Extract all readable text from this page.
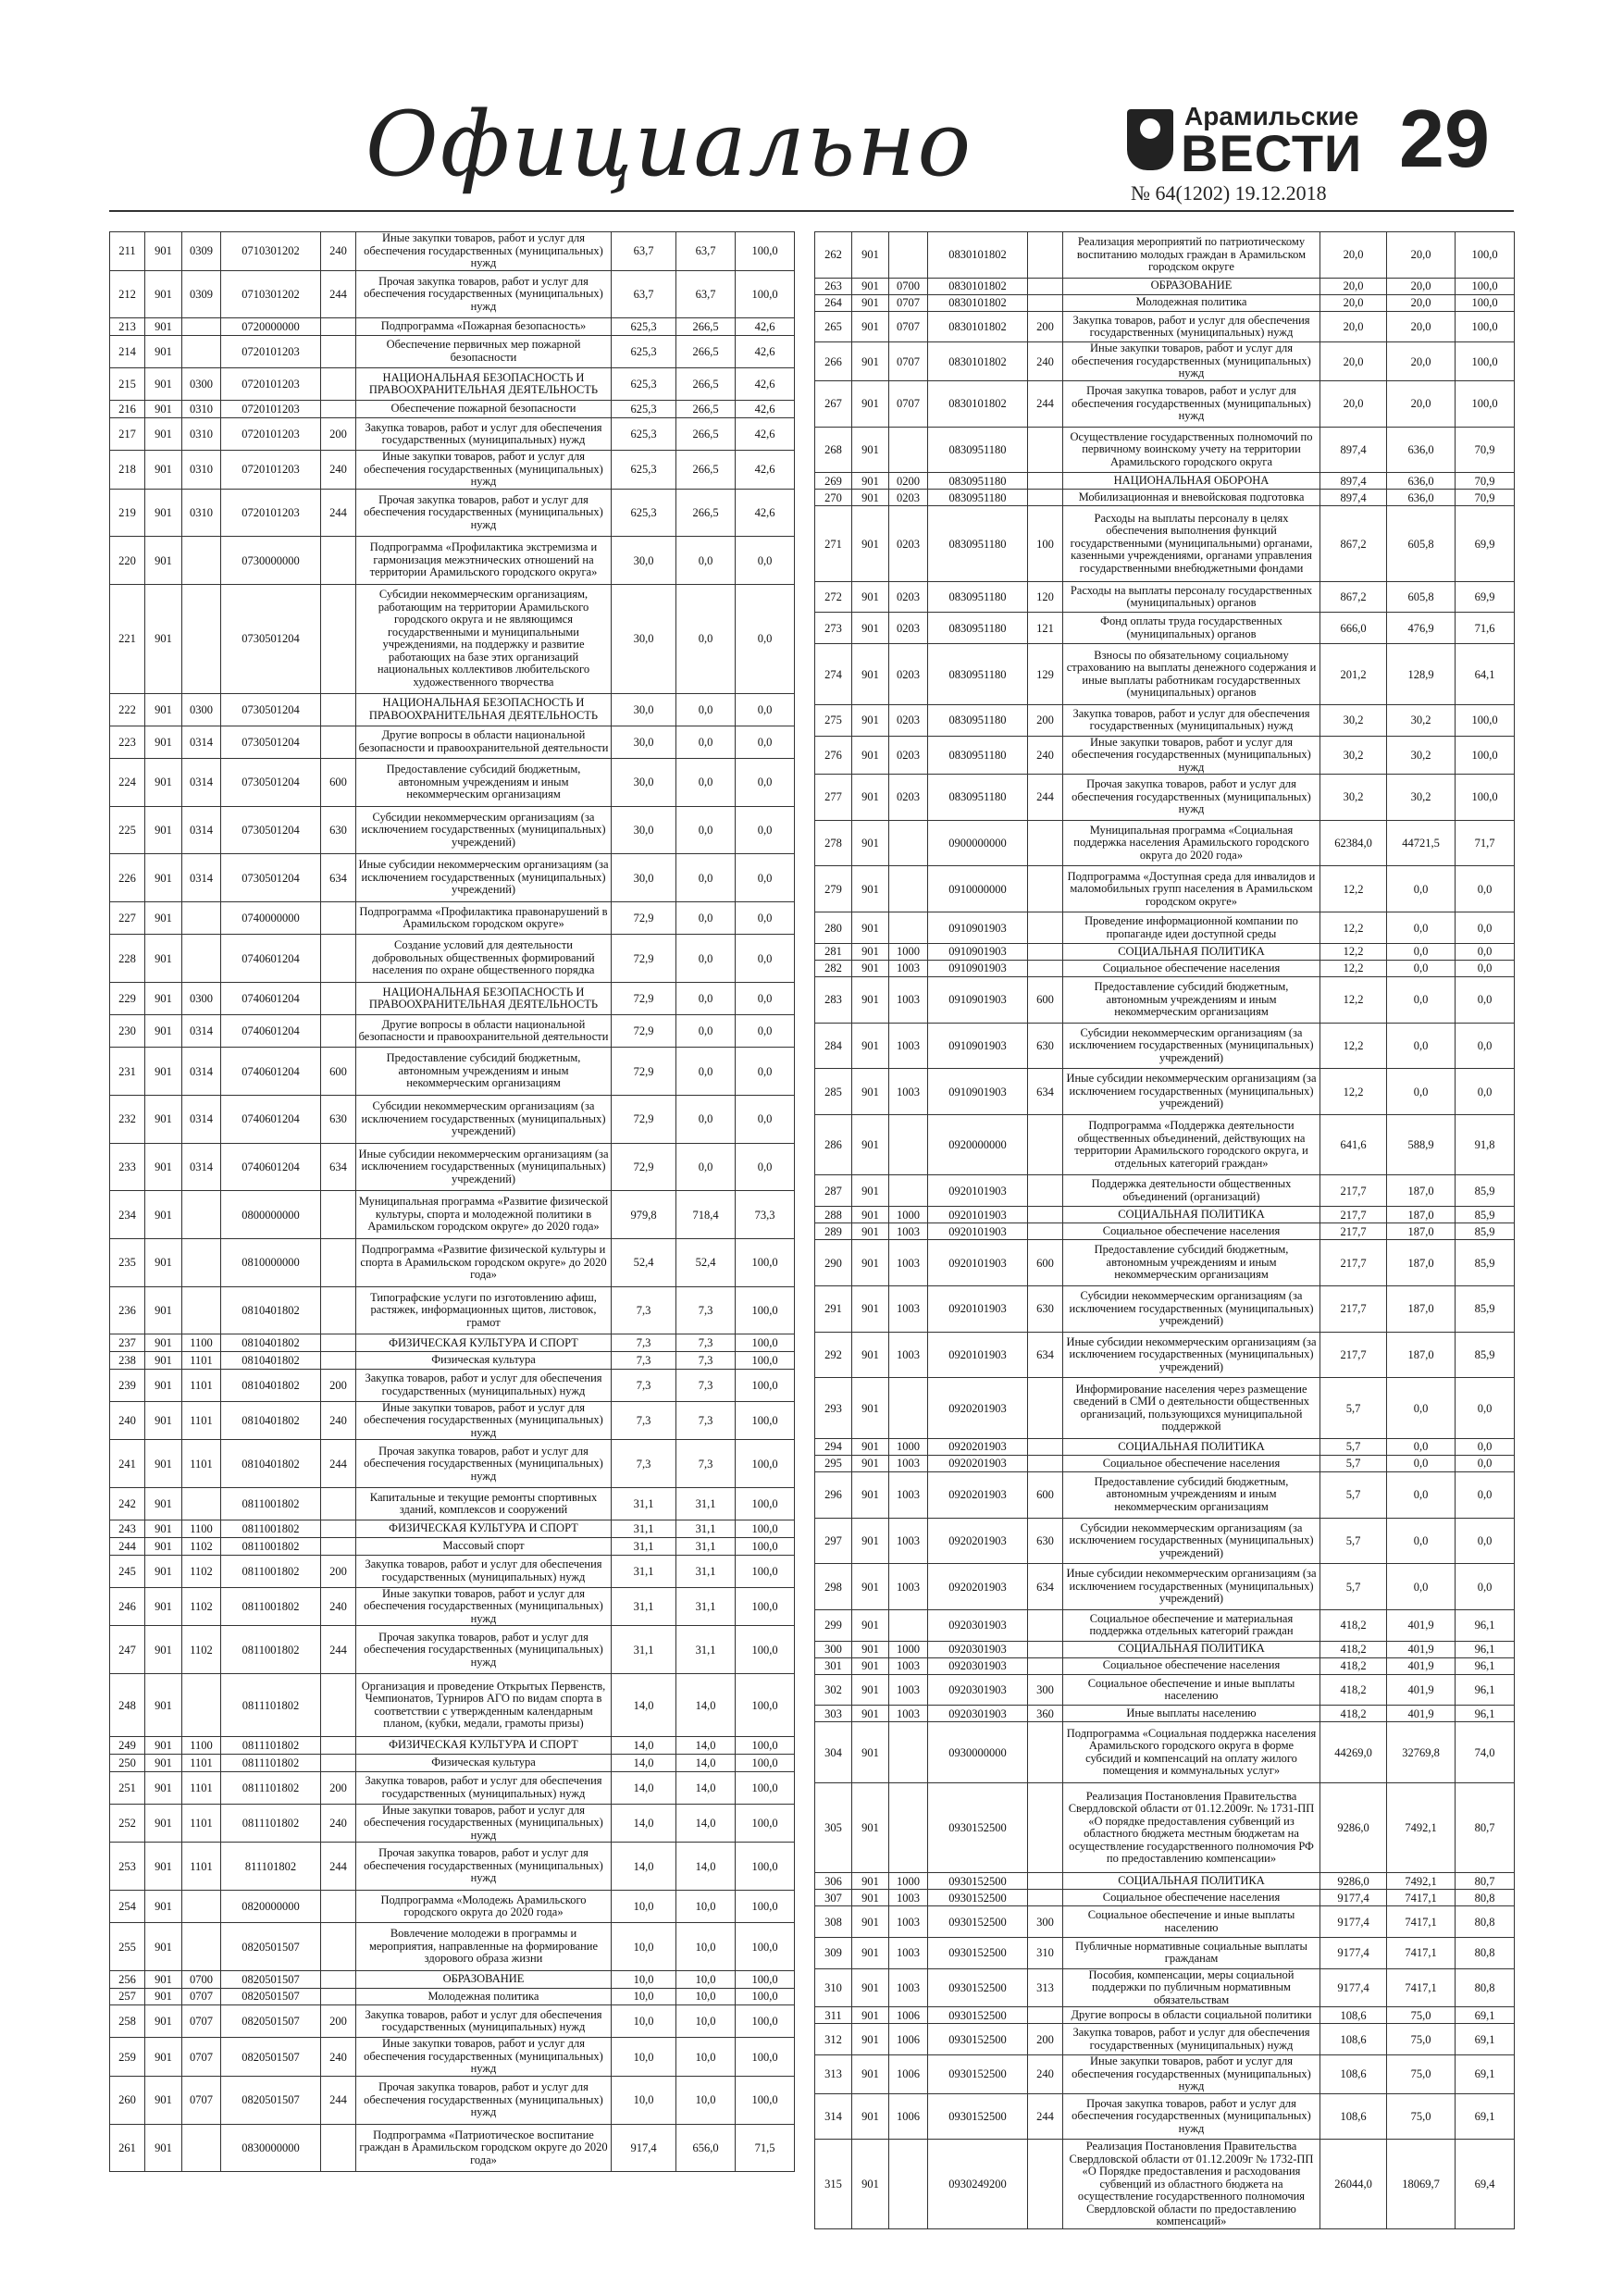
Официально	Арамильские
ВЕСТИ
№ 64(1202) 19.12.2018
29
211	901	0309	0710301202	240	Иные закупки товаров, работ и услуг для обеспечения государственных (муниципальных) нужд	63,7	63,7	100,0
212	901	0309	0710301202	244	Прочая закупка товаров, работ и услуг для обеспечения государственных (муниципальных) нужд	63,7	63,7	100,0
213	901		0720000000		Подпрограмма «Пожарная безопасность»	625,3	266,5	42,6
214	901		0720101203		Обеспечение первичных мер пожарной безопасности	625,3	266,5	42,6
215	901	0300	0720101203		НАЦИОНАЛЬНАЯ БЕЗОПАСНОСТЬ И ПРАВООХРАНИТЕЛЬНАЯ ДЕЯТЕЛЬНОСТЬ	625,3	266,5	42,6
216	901	0310	0720101203		Обеспечение пожарной безопасности	625,3	266,5	42,6
217	901	0310	0720101203	200	Закупка товаров, работ и услуг для обеспечения государственных (муниципальных) нужд	625,3	266,5	42,6
218	901	0310	0720101203	240	Иные закупки товаров, работ и услуг для обеспечения государственных (муниципальных) нужд	625,3	266,5	42,6
219	901	0310	0720101203	244	Прочая закупка товаров, работ и услуг для обеспечения государственных (муниципальных) нужд	625,3	266,5	42,6
220	901		0730000000		Подпрограмма «Профилактика экстремизма и гармонизация межэтнических отношений на территории Арамильского городского округа»	30,0	0,0	0,0
221	901		0730501204		Субсидии некоммерческим организациям, работающим на территории Арамильского городского округа и не являющимся государственными и муниципальными учреждениями, на поддержку и развитие работающих на базе этих организаций национальных коллективов любительского художественного творчества	30,0	0,0	0,0
222	901	0300	0730501204		НАЦИОНАЛЬНАЯ БЕЗОПАСНОСТЬ И ПРАВООХРАНИТЕЛЬНАЯ ДЕЯТЕЛЬНОСТЬ	30,0	0,0	0,0
223	901	0314	0730501204		Другие вопросы в области национальной безопасности и правоохранительной деятельности	30,0	0,0	0,0
224	901	0314	0730501204	600	Предоставление субсидий бюджетным, автономным учреждениям и иным некоммерческим организациям	30,0	0,0	0,0
225	901	0314	0730501204	630	Субсидии некоммерческим организациям (за исключением государственных (муниципальных) учреждений)	30,0	0,0	0,0
226	901	0314	0730501204	634	Иные субсидии некоммерческим организациям (за исключением государственных (муниципальных) учреждений)	30,0	0,0	0,0
227	901		0740000000		Подпрограмма «Профилактика правонарушений в Арамильском городском округе»	72,9	0,0	0,0
228	901		0740601204		Создание условий для деятельности добровольных общественных формирований населения по охране общественного порядка	72,9	0,0	0,0
229	901	0300	0740601204		НАЦИОНАЛЬНАЯ БЕЗОПАСНОСТЬ И ПРАВООХРАНИТЕЛЬНАЯ ДЕЯТЕЛЬНОСТЬ	72,9	0,0	0,0
230	901	0314	0740601204		Другие вопросы в области национальной безопасности и правоохранительной деятельности	72,9	0,0	0,0
231	901	0314	0740601204	600	Предоставление субсидий бюджетным, автономным учреждениям и иным некоммерческим организациям	72,9	0,0	0,0
232	901	0314	0740601204	630	Субсидии некоммерческим организациям (за исключением государственных (муниципальных) учреждений)	72,9	0,0	0,0
233	901	0314	0740601204	634	Иные субсидии некоммерческим организациям (за исключением государственных (муниципальных) учреждений)	72,9	0,0	0,0
234	901		0800000000		Муниципальная программа «Развитие физической культуры, спорта и молодежной политики в Арамильском городском округе» до 2020 года»	979,8	718,4	73,3
235	901		0810000000		Подпрограмма «Развитие физической культуры и спорта в Арамильском городском округе» до 2020 года»	52,4	52,4	100,0
236	901		0810401802		Типографские услуги по изготовлению афиш, растяжек, информационных щитов, листовок, грамот	7,3	7,3	100,0
237	901	1100	0810401802		ФИЗИЧЕСКАЯ КУЛЬТУРА И СПОРТ	7,3	7,3	100,0
238	901	1101	0810401802		Физическая культура	7,3	7,3	100,0
239	901	1101	0810401802	200	Закупка товаров, работ и услуг для обеспечения государственных (муниципальных) нужд	7,3	7,3	100,0
240	901	1101	0810401802	240	Иные закупки товаров, работ и услуг для обеспечения государственных (муниципальных) нужд	7,3	7,3	100,0
241	901	1101	0810401802	244	Прочая закупка товаров, работ и услуг для обеспечения государственных (муниципальных) нужд	7,3	7,3	100,0
242	901		0811001802		Капитальные и текущие ремонты спортивных зданий, комплексов и сооружений	31,1	31,1	100,0
243	901	1100	0811001802		ФИЗИЧЕСКАЯ КУЛЬТУРА И СПОРТ	31,1	31,1	100,0
244	901	1102	0811001802		Массовый спорт	31,1	31,1	100,0
245	901	1102	0811001802	200	Закупка товаров, работ и услуг для обеспечения государственных (муниципальных) нужд	31,1	31,1	100,0
246	901	1102	0811001802	240	Иные закупки товаров, работ и услуг для обеспечения государственных (муниципальных) нужд	31,1	31,1	100,0
247	901	1102	0811001802	244	Прочая закупка товаров, работ и услуг для обеспечения государственных (муниципальных) нужд	31,1	31,1	100,0
248	901		0811101802		Организация и проведение Открытых Первенств, Чемпионатов, Турниров АГО по видам спорта в соответствии с утвержденным календарным планом, (кубки, медали, грамоты призы)	14,0	14,0	100,0
249	901	1100	0811101802		ФИЗИЧЕСКАЯ КУЛЬТУРА И СПОРТ	14,0	14,0	100,0
250	901	1101	0811101802		Физическая культура	14,0	14,0	100,0
251	901	1101	0811101802	200	Закупка товаров, работ и услуг для обеспечения государственных (муниципальных) нужд	14,0	14,0	100,0
252	901	1101	0811101802	240	Иные закупки товаров, работ и услуг для обеспечения государственных (муниципальных) нужд	14,0	14,0	100,0
253	901	1101	811101802	244	Прочая закупка товаров, работ и услуг для обеспечения государственных (муниципальных) нужд	14,0	14,0	100,0
254	901		0820000000		Подпрограмма «Молодежь Арамильского городского округа до 2020 года»	10,0	10,0	100,0
255	901		0820501507		Вовлечение молодежи в программы и мероприятия, направленные на формирование здорового образа жизни	10,0	10,0	100,0
256	901	0700	0820501507		ОБРАЗОВАНИЕ	10,0	10,0	100,0
257	901	0707	0820501507		Молодежная политика	10,0	10,0	100,0
258	901	0707	0820501507	200	Закупка товаров, работ и услуг для обеспечения государственных (муниципальных) нужд	10,0	10,0	100,0
259	901	0707	0820501507	240	Иные закупки товаров, работ и услуг для обеспечения государственных (муниципальных) нужд	10,0	10,0	100,0
260	901	0707	0820501507	244	Прочая закупка товаров, работ и услуг для обеспечения государственных (муниципальных) нужд	10,0	10,0	100,0
261	901		0830000000		Подпрограмма «Патриотическое воспитание граждан в Арамильском городском округе до 2020 года»	917,4	656,0	71,5
262	901		0830101802		Реализация мероприятий по патриотическому воспитанию молодых граждан в Арамильском городском округе	20,0	20,0	100,0
263	901	0700	0830101802		ОБРАЗОВАНИЕ	20,0	20,0	100,0
264	901	0707	0830101802		Молодежная политика	20,0	20,0	100,0
265	901	0707	0830101802	200	Закупка товаров, работ и услуг для обеспечения государственных (муниципальных) нужд	20,0	20,0	100,0
266	901	0707	0830101802	240	Иные закупки товаров, работ и услуг для обеспечения государственных (муниципальных) нужд	20,0	20,0	100,0
267	901	0707	0830101802	244	Прочая закупка товаров, работ и услуг для обеспечения государственных (муниципальных) нужд	20,0	20,0	100,0
268	901		0830951180		Осуществление государственных полномочий по первичному воинскому учету на территории Арамильского городского округа	897,4	636,0	70,9
269	901	0200	0830951180		НАЦИОНАЛЬНАЯ ОБОРОНА	897,4	636,0	70,9
270	901	0203	0830951180		Мобилизационная и вневойсковая подготовка	897,4	636,0	70,9
271	901	0203	0830951180	100	Расходы на выплаты персоналу в целях обеспечения выполнения функций государственными (муниципальными) органами, казенными учреждениями, органами управления государственными внебюджетными фондами	867,2	605,8	69,9
272	901	0203	0830951180	120	Расходы на выплаты персоналу государственных (муниципальных) органов	867,2	605,8	69,9
273	901	0203	0830951180	121	Фонд оплаты труда государственных (муниципальных) органов	666,0	476,9	71,6
274	901	0203	0830951180	129	Взносы по обязательному социальному страхованию на выплаты денежного содержания и иные выплаты работникам государственных (муниципальных) органов	201,2	128,9	64,1
275	901	0203	0830951180	200	Закупка товаров, работ и услуг для обеспечения государственных (муниципальных) нужд	30,2	30,2	100,0
276	901	0203	0830951180	240	Иные закупки товаров, работ и услуг для обеспечения государственных (муниципальных) нужд	30,2	30,2	100,0
277	901	0203	0830951180	244	Прочая закупка товаров, работ и услуг для обеспечения государственных (муниципальных) нужд	30,2	30,2	100,0
278	901		0900000000		Муниципальная программа «Социальная поддержка населения Арамильского городского округа до 2020 года»	62384,0	44721,5	71,7
279	901		0910000000		Подпрограмма «Доступная среда для инвалидов и маломобильных групп населения в Арамильском городском округе»	12,2	0,0	0,0
280	901		0910901903		Проведение информационной компании по пропаганде идеи доступной среды	12,2	0,0	0,0
281	901	1000	0910901903		СОЦИАЛЬНАЯ ПОЛИТИКА	12,2	0,0	0,0
282	901	1003	0910901903		Социальное обеспечение населения	12,2	0,0	0,0
283	901	1003	0910901903	600	Предоставление субсидий бюджетным, автономным учреждениям и иным некоммерческим организациям	12,2	0,0	0,0
284	901	1003	0910901903	630	Субсидии некоммерческим организациям (за исключением государственных (муниципальных) учреждений)	12,2	0,0	0,0
285	901	1003	0910901903	634	Иные субсидии некоммерческим организациям (за исключением государственных (муниципальных) учреждений)	12,2	0,0	0,0
286	901		0920000000		Подпрограмма «Поддержка деятельности общественных объединений, действующих на территории Арамильского городского округа, и отдельных категорий граждан»	641,6	588,9	91,8
287	901		0920101903		Поддержка деятельности общественных объединений (организаций)	217,7	187,0	85,9
288	901	1000	0920101903		СОЦИАЛЬНАЯ ПОЛИТИКА	217,7	187,0	85,9
289	901	1003	0920101903		Социальное обеспечение населения	217,7	187,0	85,9
290	901	1003	0920101903	600	Предоставление субсидий бюджетным, автономным учреждениям и иным некоммерческим организациям	217,7	187,0	85,9
291	901	1003	0920101903	630	Субсидии некоммерческим организациям (за исключением государственных (муниципальных) учреждений)	217,7	187,0	85,9
292	901	1003	0920101903	634	Иные субсидии некоммерческим организациям (за исключением государственных (муниципальных) учреждений)	217,7	187,0	85,9
293	901		0920201903		Информирование населения через размещение сведений в СМИ о деятельности общественных организаций, пользующихся муниципальной поддержкой	5,7	0,0	0,0
294	901	1000	0920201903		СОЦИАЛЬНАЯ ПОЛИТИКА	5,7	0,0	0,0
295	901	1003	0920201903		Социальное обеспечение населения	5,7	0,0	0,0
296	901	1003	0920201903	600	Предоставление субсидий бюджетным, автономным учреждениям и иным некоммерческим организациям	5,7	0,0	0,0
297	901	1003	0920201903	630	Субсидии некоммерческим организациям (за исключением государственных (муниципальных) учреждений)	5,7	0,0	0,0
298	901	1003	0920201903	634	Иные субсидии некоммерческим организациям (за исключением государственных (муниципальных) учреждений)	5,7	0,0	0,0
299	901		0920301903		Социальное обеспечение и материальная поддержка отдельных категорий граждан	418,2	401,9	96,1
300	901	1000	0920301903		СОЦИАЛЬНАЯ ПОЛИТИКА	418,2	401,9	96,1
301	901	1003	0920301903		Социальное обеспечение населения	418,2	401,9	96,1
302	901	1003	0920301903	300	Социальное обеспечение и иные выплаты населению	418,2	401,9	96,1
303	901	1003	0920301903	360	Иные выплаты населению	418,2	401,9	96,1
304	901		0930000000		Подпрограмма «Социальная поддержка населения Арамильского городского округа в форме субсидий и компенсаций на оплату жилого помещения и коммунальных услуг»	44269,0	32769,8	74,0
305	901		0930152500		Реализация Постановления Правительства Свердловской области от 01.12.2009г. № 1731-ПП «О порядке предоставления субвенций из областного бюджета местным бюджетам на осуществление государственного полномочия РФ по предоставлению компенсации»	9286,0	7492,1	80,7
306	901	1000	0930152500		СОЦИАЛЬНАЯ ПОЛИТИКА	9286,0	7492,1	80,7
307	901	1003	0930152500		Социальное обеспечение населения	9177,4	7417,1	80,8
308	901	1003	0930152500	300	Социальное обеспечение и иные выплаты населению	9177,4	7417,1	80,8
309	901	1003	0930152500	310	Публичные нормативные социальные выплаты гражданам	9177,4	7417,1	80,8
310	901	1003	0930152500	313	Пособия, компенсации, меры социальной поддержки по публичным нормативным обязательствам	9177,4	7417,1	80,8
311	901	1006	0930152500		Другие вопросы в области социальной политики	108,6	75,0	69,1
312	901	1006	0930152500	200	Закупка товаров, работ и услуг для обеспечения государственных (муниципальных) нужд	108,6	75,0	69,1
313	901	1006	0930152500	240	Иные закупки товаров, работ и услуг для обеспечения государственных (муниципальных) нужд	108,6	75,0	69,1
314	901	1006	0930152500	244	Прочая закупка товаров, работ и услуг для обеспечения государственных (муниципальных) нужд	108,6	75,0	69,1
315	901		0930249200		Реализация Постановления Правительства Свердловской области от 01.12.2009г № 1732-ПП «О Порядке предоставления и расходования субвенций из областного бюджета на осуществление государственного полномочия Свердловской области по предоставлению компенсаций»	26044,0	18069,7	69,4
